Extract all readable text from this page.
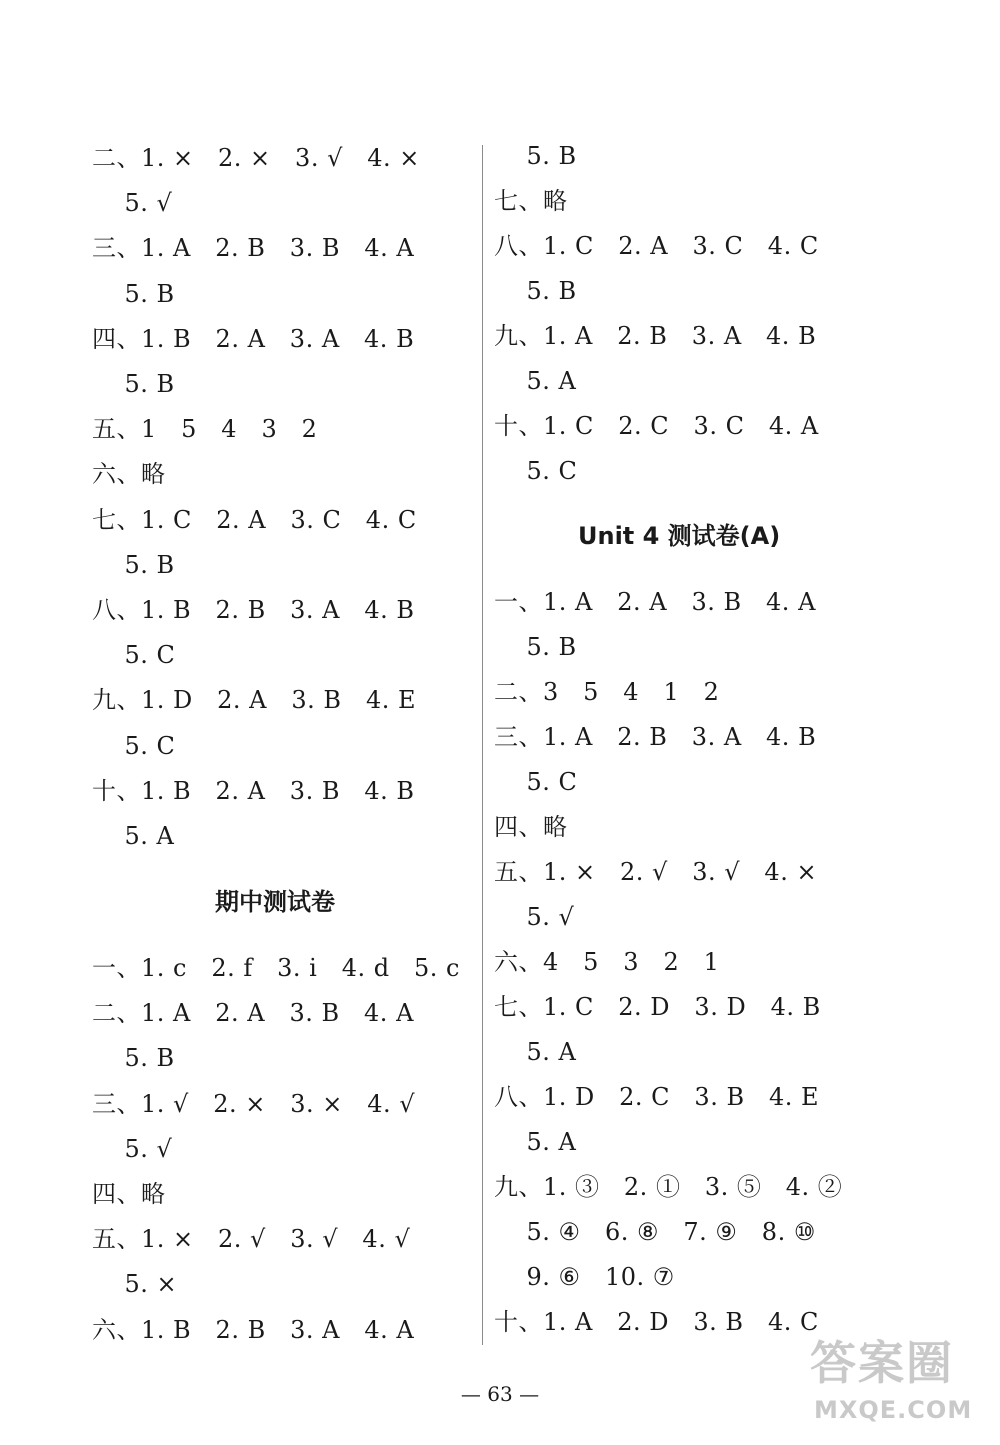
二、1. ×   2. ×   3. √   4. ×
5. √
三、1. A   2. B   3. B   4. A
5. B
四、1. B   2. A   3. A   4. B
5. B
五、1   5   4   3   2
六、略
七、1. C   2. A   3. C   4. C
5. B
八、1. B   2. B   3. A   4. B
5. C
九、1. D   2. A   3. B   4. E
5. C
十、1. B   2. A   3. B   4. B
5. A
期中测试卷
一、1. c   2. f   3. i   4. d   5. c
二、1. A   2. A   3. B   4. A
5. B
三、1. √   2. ×   3. ×   4. √
5. √
四、略
五、1. ×   2. √   3. √   4. √
5. ×
六、1. B   2. B   3. A   4. A
5. B
七、略
八、1. C   2. A   3. C   4. C
5. B
九、1. A   2. B   3. A   4. B
5. A
十、1. C   2. C   3. C   4. A
5. C
Unit 4 测试卷(A)
一、1. A   2. A   3. B   4. A
5. B
二、3   5   4   1   2
三、1. A   2. B   3. A   4. B
5. C
四、略
五、1. ×   2. √   3. √   4. ×
5. √
六、4   5   3   2   1
七、1. C   2. D   3. D   4. B
5. A
八、1. D   2. C   3. B   4. E
5. A
九、1. ③   2. ①   3. ⑤   4. ②
5. ④   6. ⑧   7. ⑨   8. ⑩
9. ⑥   10. ⑦
十、1. A   2. D   3. B   4. C
— 63 —
答案圈
MXQE.COM
